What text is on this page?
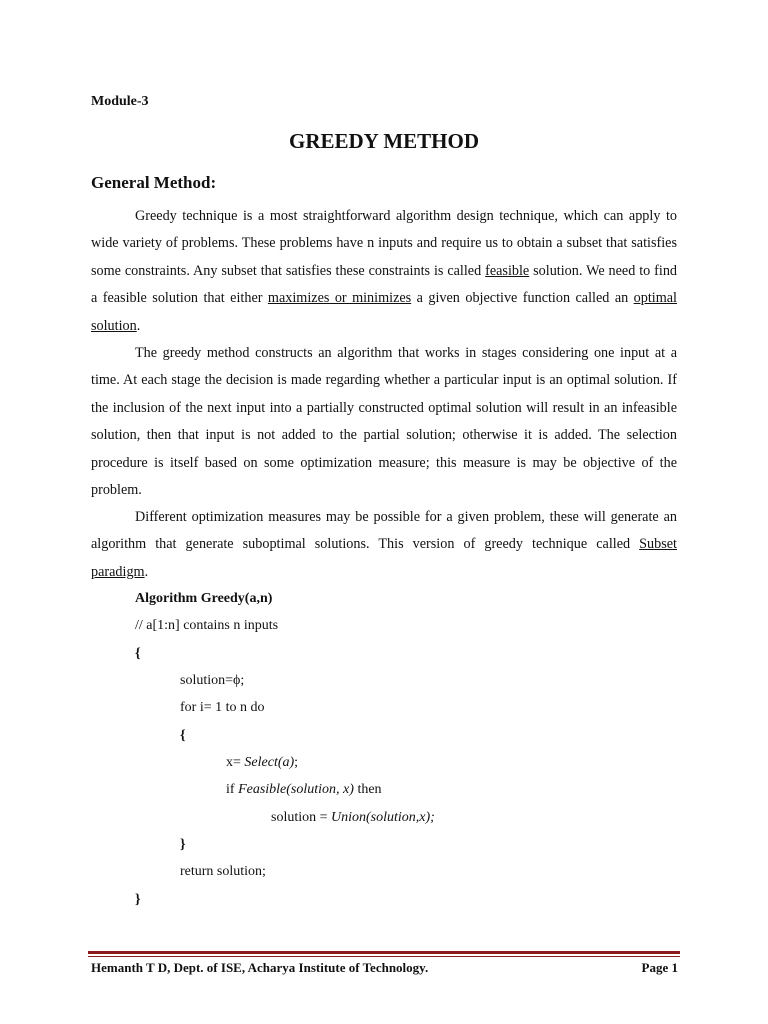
Module-3
GREEDY METHOD
General Method:

Greedy technique is a most straightforward algorithm design technique, which can apply to wide variety of problems. These problems have n inputs and require us to obtain a subset that satisfies some constraints. Any subset that satisfies these constraints is called feasible solution. We need to find a feasible solution that either maximizes or minimizes a given objective function called an optimal solution.

The greedy method constructs an algorithm that works in stages considering one input at a time. At each stage the decision is made regarding whether a particular input is an optimal solution. If the inclusion of the next input into a partially constructed optimal solution will result in an infeasible solution, then that input is not added to the partial solution; otherwise it is added. The selection procedure is itself based on some optimization measure; this measure is may be objective of the problem.

Different optimization measures may be possible for a given problem, these will generate an algorithm that generate suboptimal solutions. This version of greedy technique called Subset paradigm.

Algorithm Greedy(a,n)
// a[1:n] contains n inputs
{
solution=ϕ;
for i= 1 to n do
{
x= Select(a);
if Feasible(solution, x) then
solution = Union(solution,x);
}
return solution;
}
Hemanth T D, Dept. of ISE, Acharya Institute of Technology.	Page 1
